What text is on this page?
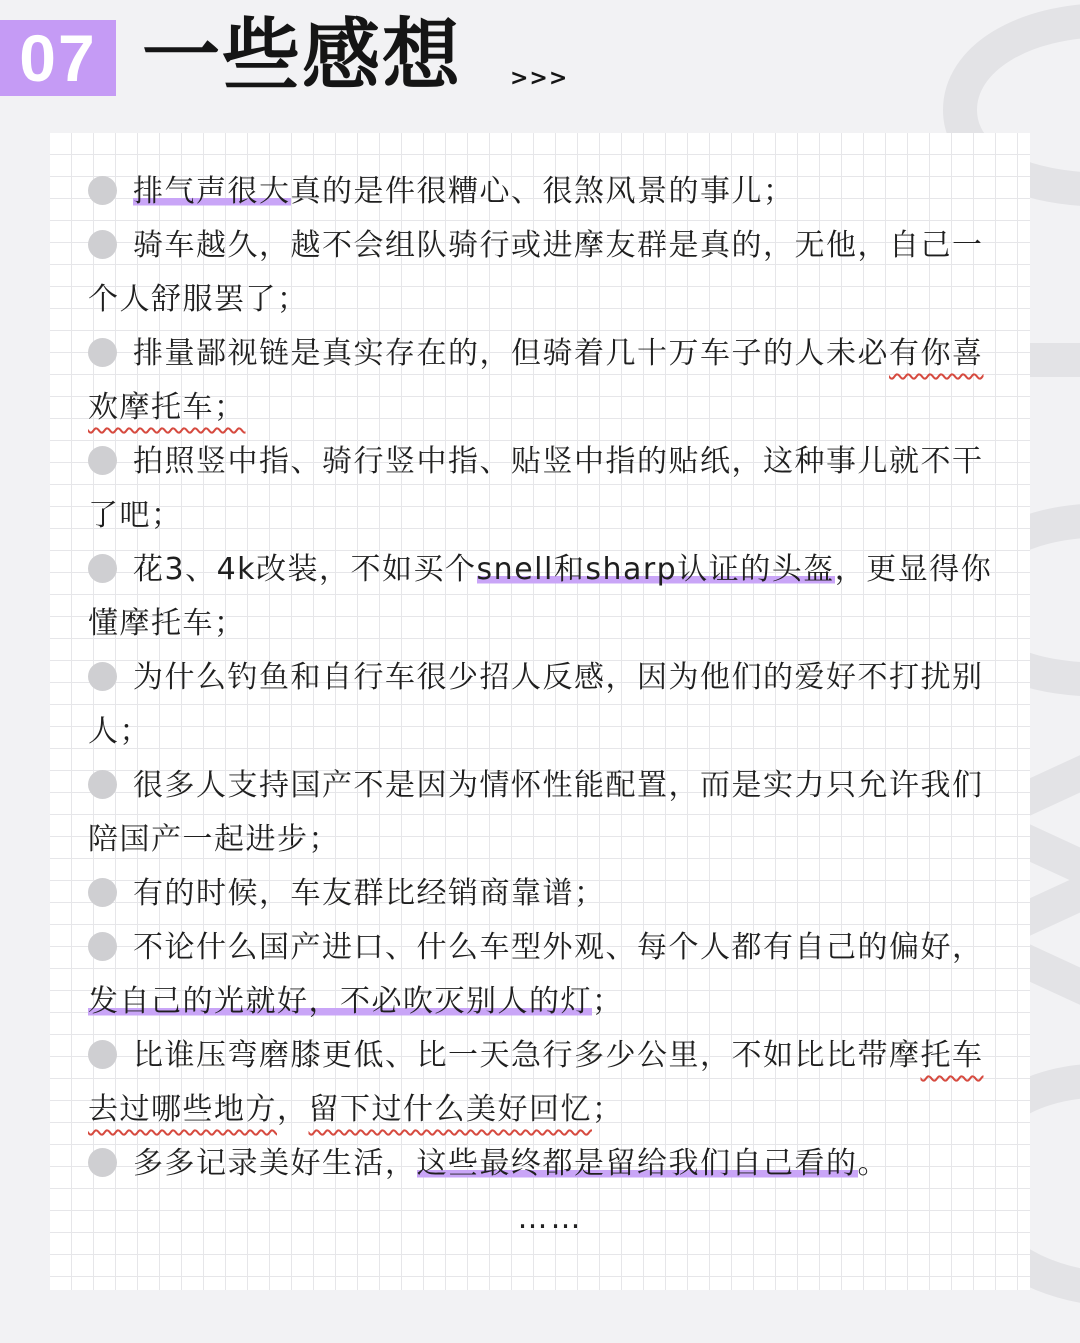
07 一些感想 >>>
排气声很大真的是件很糟心、很煞风景的事儿；
骑车越久，越不会组队骑行或进摩友群是真的，无他，自己一个人舒服罢了；
排量鄙视链是真实存在的，但骑着几十万车子的人未必有你喜欢摩托车；
拍照竖中指、骑行竖中指、贴竖中指的贴纸，这种事儿就不干了吧；
花3、4k改装，不如买个snell和sharp认证的头盔，更显得你懂摩托车；
为什么钓鱼和自行车很少招人反感，因为他们的爱好不打扰别人；
很多人支持国产不是因为情怀性能配置，而是实力只允许我们陪国产一起进步；
有的时候，车友群比经销商靠谱；
不论什么国产进口、什么车型外观、每个人都有自己的偏好，发自己的光就好，不必吹灭别人的灯；
比谁压弯磨膝更低、比一天急行多少公里，不如比比带摩托车去过哪些地方，留下过什么美好回忆；
多多记录美好生活，这些最终都是留给我们自己看的。
……
